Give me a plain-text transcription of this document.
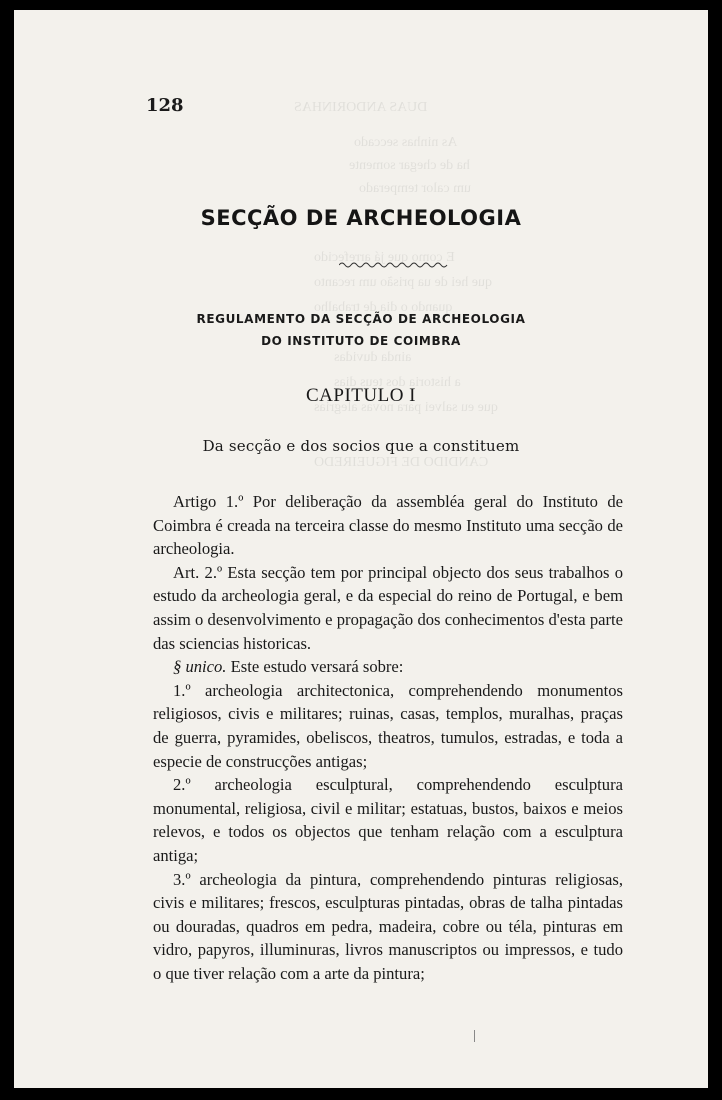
DUAS ANDORINHAS
As ninhas seccado
ha de chegar somente
um calor temperado
E como que já arrefecido
que hei de ua prisão um recanto
quando o dia de trabalho
ainda duvidas
a historia dos teus dias
que eu salvei para novas alegrias
CANDIDO DE FIGUEIREDO
128
SECÇÃO DE ARCHEOLOGIA
REGULAMENTO DA SECÇÃO DE ARCHEOLOGIA
DO INSTITUTO DE COIMBRA
CAPITULO I
Da secção e dos socios que a constituem

Artigo 1.º Por deliberação da assembléa geral do Instituto de Coimbra é creada na terceira classe do mesmo Instituto uma secção de archeologia.

Art. 2.º Esta secção tem por principal objecto dos seus trabalhos o estudo da archeologia geral, e da especial do reino de Portugal, e bem assim o desenvolvimento e propagação dos conhecimentos d'esta parte das sciencias historicas.

§ unico. Este estudo versará sobre:

1.º archeologia architectonica, comprehendendo monumentos religiosos, civis e militares; ruinas, casas, templos, muralhas, praças de guerra, pyramides, obeliscos, theatros, tumulos, estradas, e toda a especie de construcções antigas;

2.º archeologia esculptural, comprehendendo esculptura monumental, religiosa, civil e militar; estatuas, bustos, baixos e meios relevos, e todos os objectos que tenham relação com a esculptura antiga;

3.º archeologia da pintura, comprehendendo pinturas religiosas, civis e militares; frescos, esculpturas pintadas, obras de talha pintadas ou douradas, quadros em pedra, madeira, cobre ou téla, pinturas em vidro, papyros, illuminuras, livros manuscriptos ou impressos, e tudo o que tiver relação com a arte da pintura;
